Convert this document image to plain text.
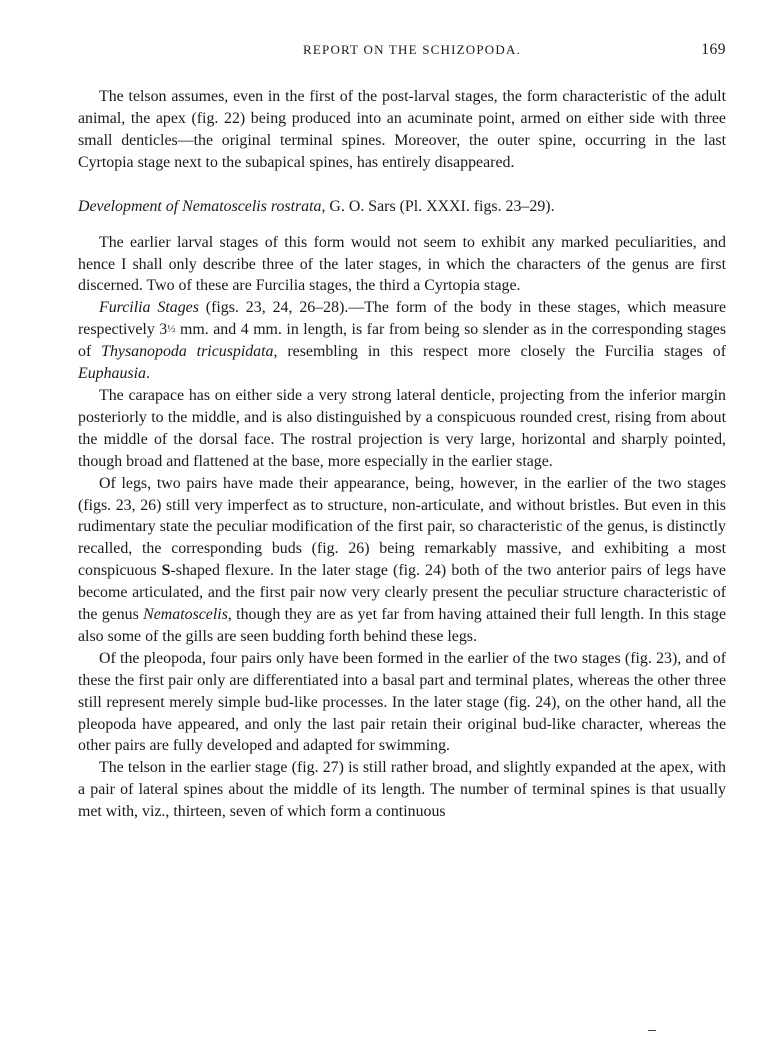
REPORT ON THE SCHIZOPODA.	169

The telson assumes, even in the first of the post-larval stages, the form characteristic of the adult animal, the apex (fig. 22) being produced into an acuminate point, armed on either side with three small denticles—the original terminal spines. Moreover, the outer spine, occurring in the last Cyrtopia stage next to the subapical spines, has entirely disappeared.

Development of Nematoscelis rostrata, G. O. Sars (Pl. XXXI. figs. 23–29).

The earlier larval stages of this form would not seem to exhibit any marked peculiarities, and hence I shall only describe three of the later stages, in which the characters of the genus are first discerned. Two of these are Furcilia stages, the third a Cyrtopia stage.

Furcilia Stages (figs. 23, 24, 26–28).—The form of the body in these stages, which measure respectively 3½ mm. and 4 mm. in length, is far from being so slender as in the corresponding stages of Thysanopoda tricuspidata, resembling in this respect more closely the Furcilia stages of Euphausia.

The carapace has on either side a very strong lateral denticle, projecting from the inferior margin posteriorly to the middle, and is also distinguished by a conspicuous rounded crest, rising from about the middle of the dorsal face. The rostral projection is very large, horizontal and sharply pointed, though broad and flattened at the base, more especially in the earlier stage.

Of legs, two pairs have made their appearance, being, however, in the earlier of the two stages (figs. 23, 26) still very imperfect as to structure, non-articulate, and without bristles. But even in this rudimentary state the peculiar modification of the first pair, so characteristic of the genus, is distinctly recalled, the corresponding buds (fig. 26) being remarkably massive, and exhibiting a most conspicuous S-shaped flexure. In the later stage (fig. 24) both of the two anterior pairs of legs have become articulated, and the first pair now very clearly present the peculiar structure characteristic of the genus Nematoscelis, though they are as yet far from having attained their full length. In this stage also some of the gills are seen budding forth behind these legs.

Of the pleopoda, four pairs only have been formed in the earlier of the two stages (fig. 23), and of these the first pair only are differentiated into a basal part and terminal plates, whereas the other three still represent merely simple bud-like processes. In the later stage (fig. 24), on the other hand, all the pleopoda have appeared, and only the last pair retain their original bud-like character, whereas the other pairs are fully developed and adapted for swimming.

The telson in the earlier stage (fig. 27) is still rather broad, and slightly expanded at the apex, with a pair of lateral spines about the middle of its length. The number of terminal spines is that usually met with, viz., thirteen, seven of which form a continuous
